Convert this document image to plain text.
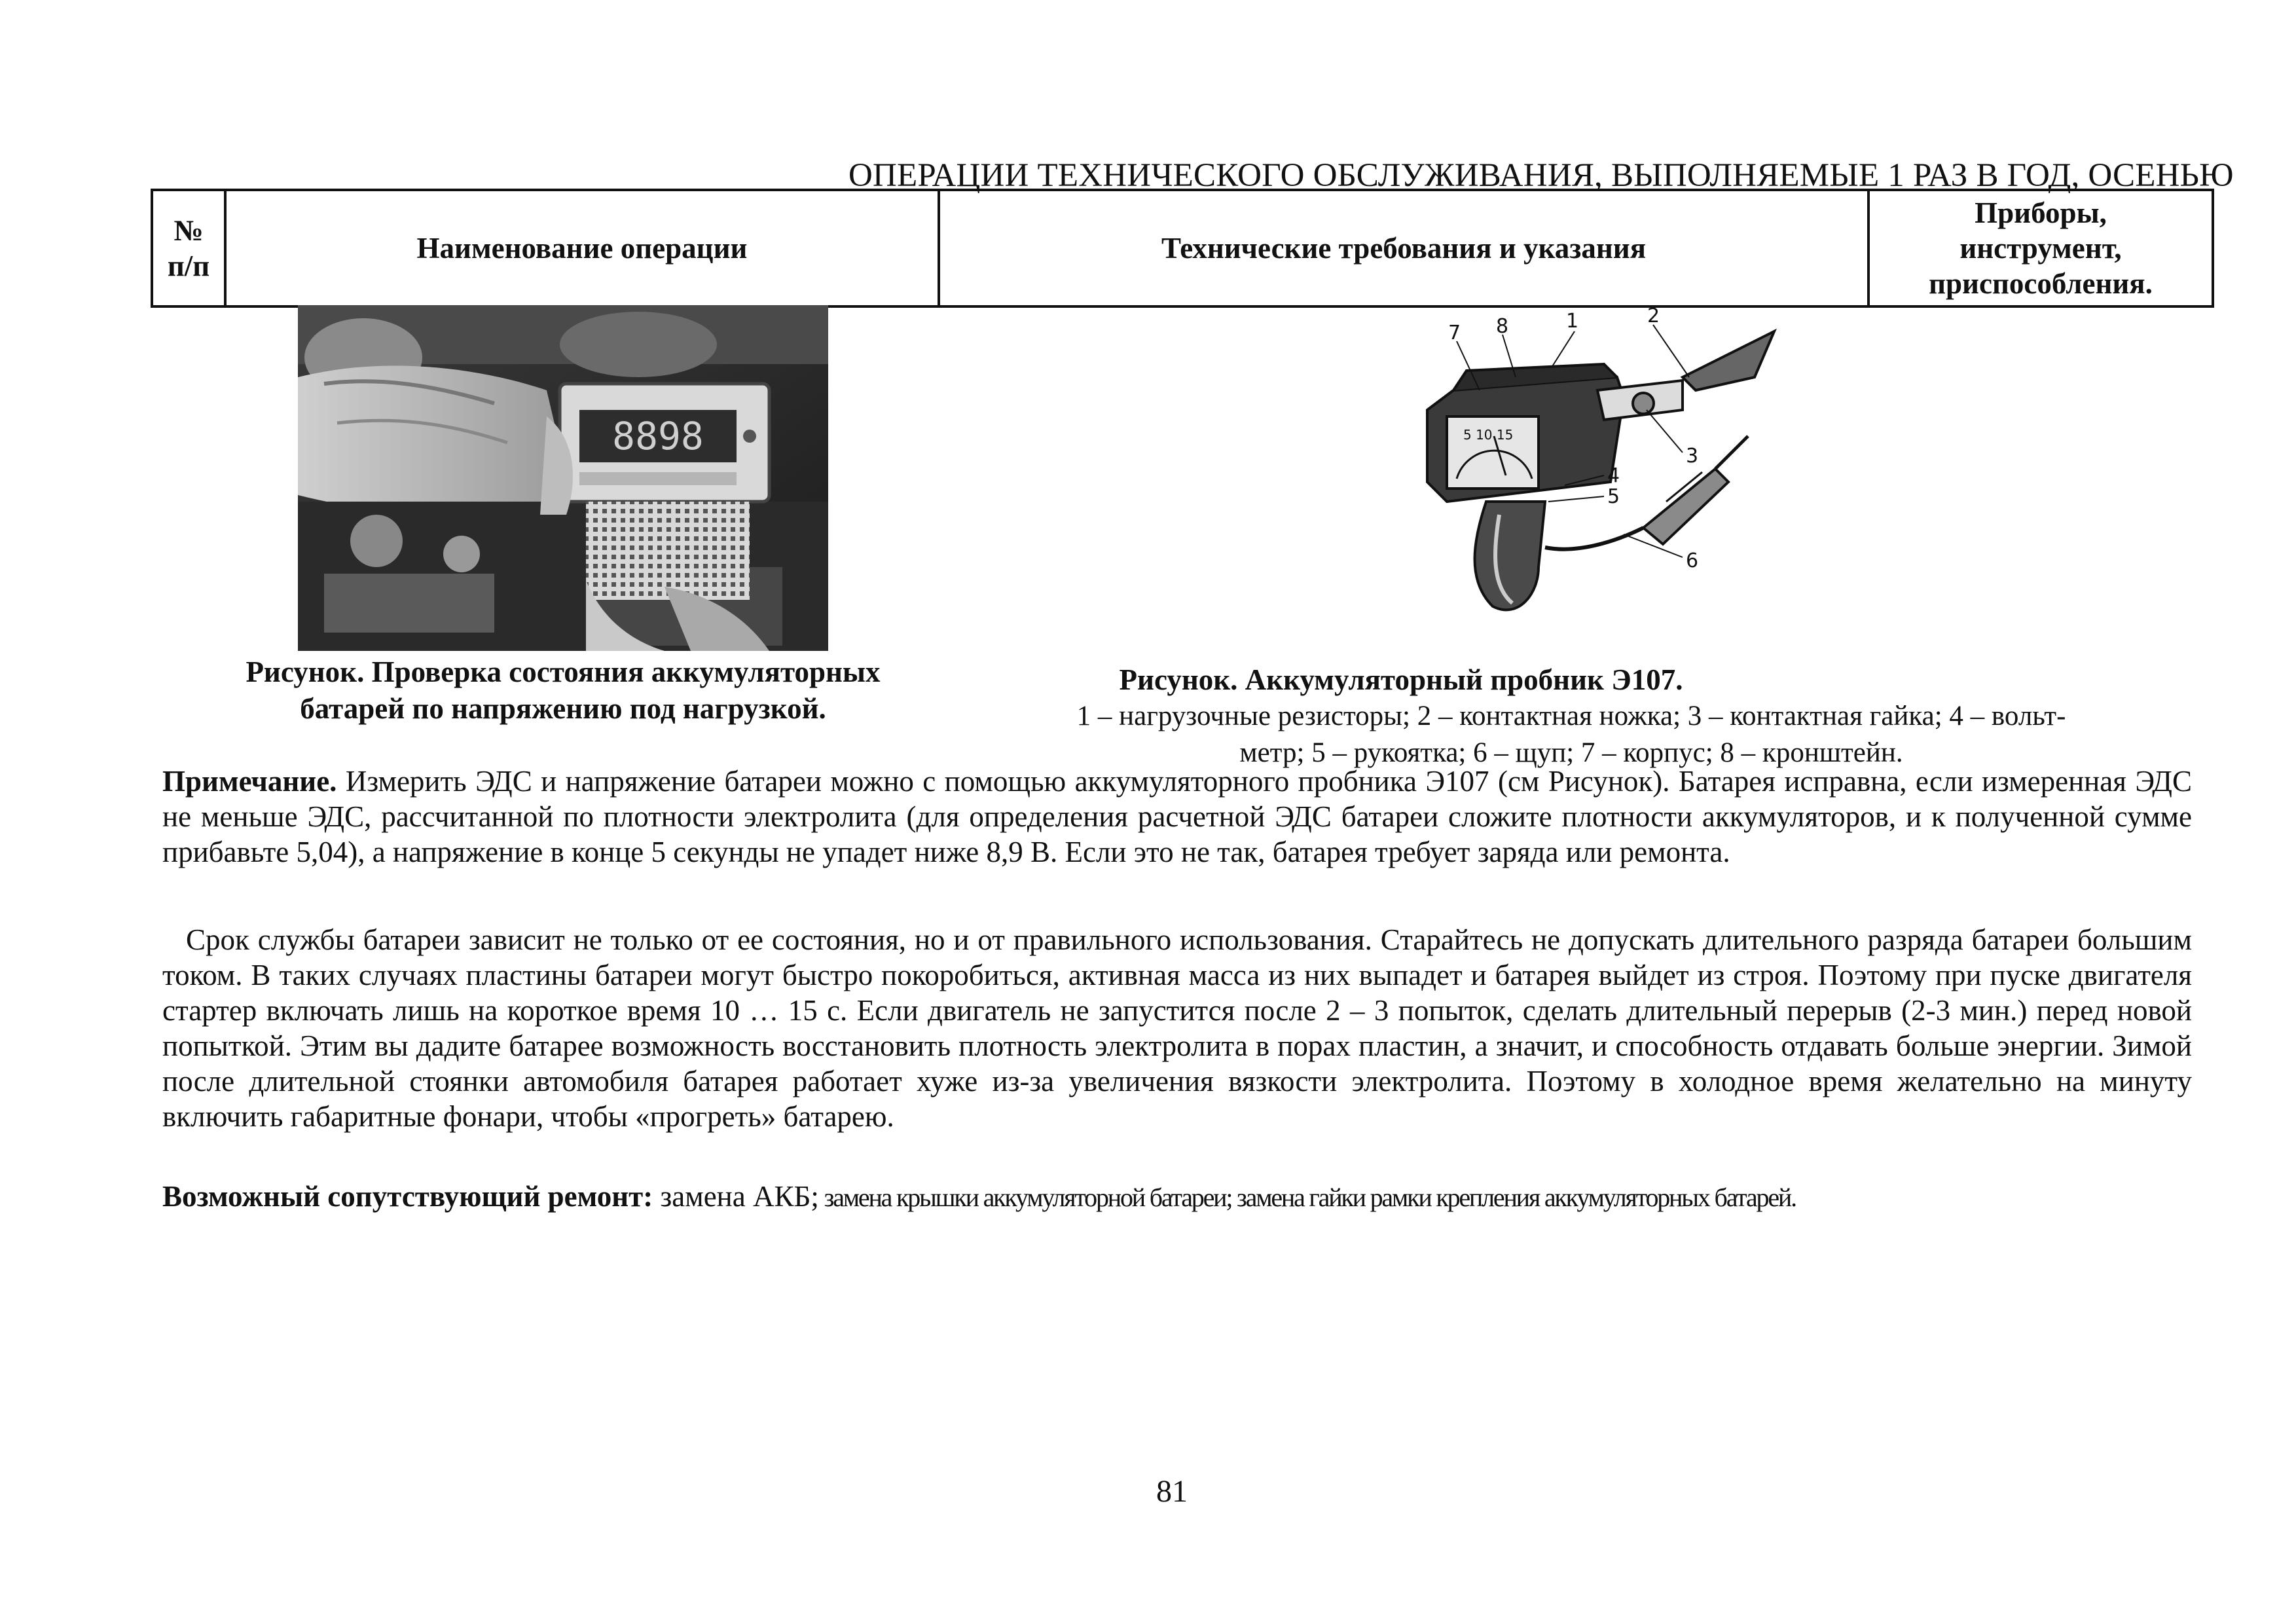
ОПЕРАЦИИ ТЕХНИЧЕСКОГО ОБСЛУЖИВАНИЯ, ВЫПОЛНЯЕМЫЕ 1 РАЗ В ГОД, ОСЕНЬЮ
№
п/п	Наименование операции	Технические требования и указания	Приборы,
инструмент,
приспособления.
8898	5 10 15
1	2
3
4
5
6
7 8
Рисунок. Проверка состояния аккумуляторных
батарей по напряжению под нагрузкой.
Рисунок. Аккумуляторный пробник Э107.
1 – нагрузочные резисторы; 2 – контактная ножка; 3 – контактная гайка; 4 – вольт-
метр; 5 – рукоятка; 6 – щуп; 7 – корпус; 8 – кронштейн.
Примечание. Измерить ЭДС и напряжение батареи можно с помощью аккумуляторного пробника Э107 (см Рисунок). Батарея исправна, если измеренная ЭДС не меньше ЭДС, рассчитанной по плотности электролита (для определения расчетной ЭДС батареи сложите плотности аккумуляторов, и к полученной сумме прибавьте 5,04), а напряжение в конце 5 секунды не упадет ниже 8,9 В. Если это не так, батарея требует заряда или ремонта.
Срок службы батареи зависит не только от ее состояния, но и от правильного использования. Старайтесь не допускать длительного разряда батареи большим током. В таких случаях пластины батареи могут быстро покоробиться, активная масса из них выпадет и батарея выйдет из строя. Поэтому при пуске двигателя стартер включать лишь на короткое время 10 … 15 с. Если двигатель не запустится после 2 – 3 попыток, сделать длительный перерыв (2-3 мин.) перед новой попыткой. Этим вы дадите батарее возможность восстановить плотность электролита в порах пластин, а значит, и способность отдавать больше энергии. Зимой после длительной стоянки автомобиля батарея работает хуже из-за увеличения вязкости электролита. Поэтому в холодное время желательно на минуту включить габаритные фонари, чтобы «прогреть» батарею.
Возможный сопутствующий ремонт: замена АКБ; замена крышки аккумуляторной батареи; замена гайки рамки крепления аккумуляторных батарей.
81
